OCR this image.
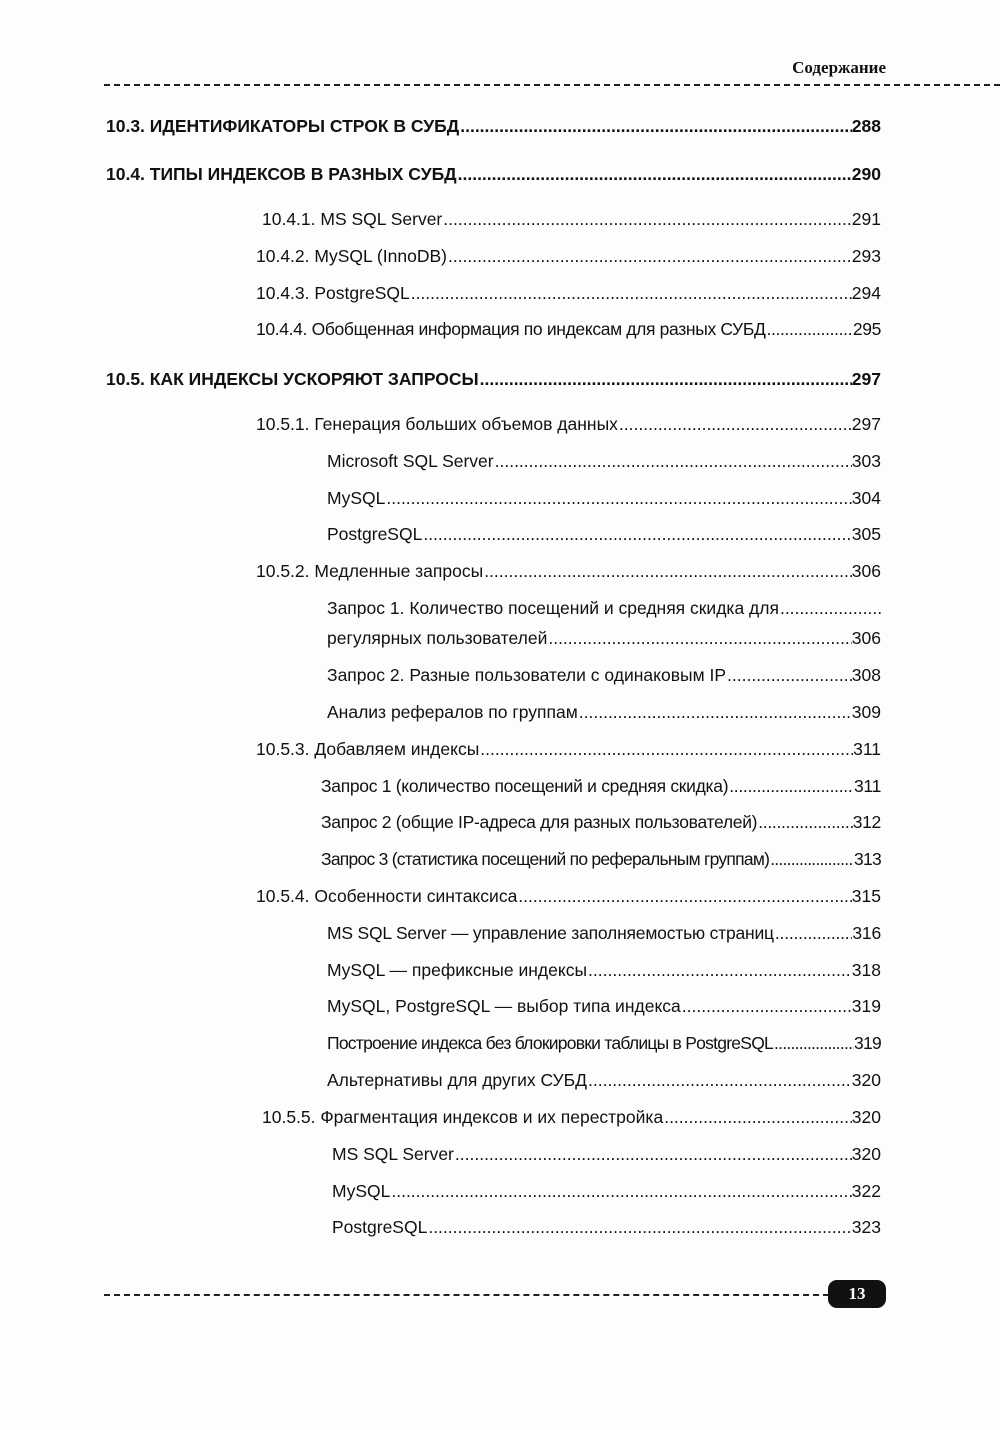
Содержание
10.3. ИДЕНТИФИКАТОРЫ СТРОК В СУБД .....	288
10.4. ТИПЫ ИНДЕКСОВ В РАЗНЫХ СУБД .....	290
10.4.1. MS SQL Server .....	291
10.4.2. MySQL (InnoDB) .....	293
10.4.3. PostgreSQL .....	294
10.4.4. Обобщенная информация по индексам для разных СУБД .....	295
10.5. КАК ИНДЕКСЫ УСКОРЯЮТ ЗАПРОСЫ .....	297
10.5.1. Генерация больших объемов данных .....	297
Microsoft SQL Server .....	303
MySQL .....	304
PostgreSQL .....	305
10.5.2. Медленные запросы .....	306
Запрос 1. Количество посещений и средняя скидка для
.....
регулярных пользователей .....	306
Запрос 2. Разные пользователи с одинаковым IP .....	308
Анализ рефералов по группам .....	309
10.5.3. Добавляем индексы .....	311
Запрос 1 (количество посещений и средняя скидка) .....	311
Запрос 2 (общие IP-адреса для разных пользователей) .....	312
Запрос 3 (статистика посещений по реферальным группам) .....	313
10.5.4. Особенности синтаксиса .....	315
MS SQL Server — управление заполняемостью страниц .....	316
MySQL — префиксные индексы .....	318
MySQL, PostgreSQL — выбор типа индекса .....	319
Построение индекса без блокировки таблицы в PostgreSQL .....	319
Альтернативы для других СУБД .....	320
10.5.5. Фрагментация индексов и их перестройка .....	320
MS SQL Server .....	320
MySQL .....	322
PostgreSQL .....	323
13
